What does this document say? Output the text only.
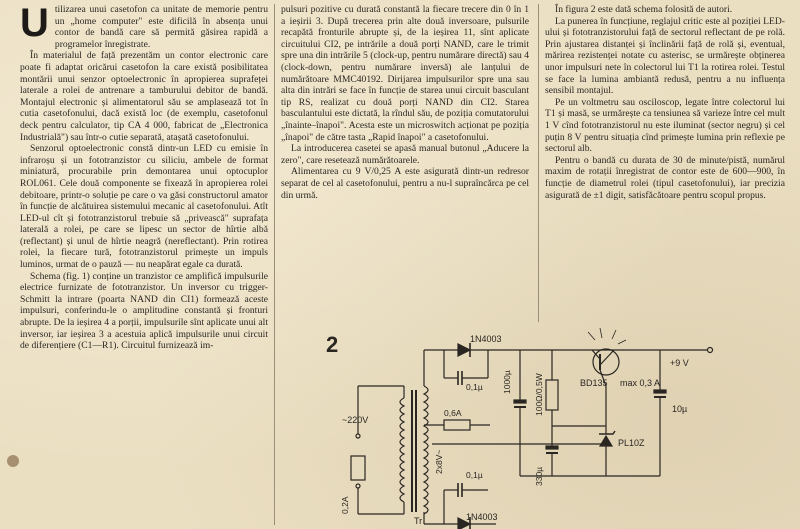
Utilizarea unui casetofon ca unitate de memorie pentru un „home computer" este dificilă în absența unui contor de bandă care să permită găsirea rapidă a programelor înregistrate.

În materialul de față prezentăm un contor electronic care poate fi adaptat oricărui casetofon la care există posibilitatea montării unui senzor optoelectronic în apropierea suprafeței laterale a rolei de antrenare a tamburului debitor de bandă. Montajul electronic și alimentatorul său se amplasează tot în cutia casetofonului, dacă există loc (de exemplu, casetofonul deck pentru calculator, tip CA 4 000, fabricat de „Electronica Industrială") sau într-o cutie separată, atașată casetofonului.

Senzorul optoelectronic constă dintr-un LED cu emisie în infraroșu și un fototranzistor cu siliciu, ambele de format miniatură, procurabile prin demontarea unui optocuplor ROL061. Cele două componente se fixează în apropierea rolei debitoare, printr-o soluție pe care o va găsi constructorul amator în funcție de alcătuirea sistemului mecanic al casetofonului. Atît LED-ul cît și fototranzistorul trebuie să „privească" suprafața laterală a rolei, pe care se lipesc un sector de hîrtie albă (reflectant) și unul de hîrtie neagră (nereflectant). Prin rotirea rolei, la fiecare tură, fototranzistorul primește un impuls luminos, urmat de o pauză — nu neapărat egale ca durată.

Schema (fig. 1) conține un tranzistor ce amplifică impulsurile electrice furnizate de fototranzistor. Un inversor cu trigger-Schmitt la intrare (poarta NAND din CI1) formează aceste impulsuri, conferindu-le o amplitudine constantă și fronturi abrupte. De la ieșirea 4 a porții, impulsurile sînt aplicate unui alt inversor, iar ieșirea 3 a acestuia aplică impulsurile unui circuit de diferențiere (C1—R1). Circuitul furnizează im-

pulsuri pozitive cu durată constantă la fiecare trecere din 0 în 1 a ieșirii 3. După trecerea prin alte două inversoare, pulsurile recapătă fronturile abrupte și, de la ieșirea 11, sînt aplicate circuitului CI2, pe intrările a două porți NAND, care le trimit spre una din intrările 5 (clock-up, pentru numărare directă) sau 4 (clock-down, pentru numărare inversă) ale lanțului de numărătoare MMC40192. Dirijarea impulsurilor spre una sau alta din intrări se face în funcție de starea unui circuit basculant tip RS, realizat cu două porți NAND din CI2. Starea basculantului este dictată, la rîndul său, de poziția comutatorului „înainte–înapoi". Acesta este un microswitch acționat pe poziția „înapoi" de către tasta „Rapid înapoi" a casetofonului.

La introducerea casetei se apasă manual butonul „Aducere la zero", care resetează numărătoarele.

Alimentarea cu 9 V/0,25 A este asigurată dintr-un redresor separat de cel al casetofonului, pentru a nu-l supraîncărca pe cel din urmă.

În figura 2 este dată schema folosită de autori.

La punerea în funcțiune, reglajul critic este al poziției LED-ului și fototranzistorului față de sectorul reflectant de pe rolă. Prin ajustarea distanței și înclinării față de rolă și, eventual, mărirea rezistenței notate cu asterisc, se urmărește obținerea unor impulsuri nete în colectorul lui T1 la rotirea rolei. Testul se face la lumina ambiantă redusă, pentru a nu influența sensibil montajul.

Pe un voltmetru sau osciloscop, legate între colectorul lui T1 și masă, se urmărește ca tensiunea să varieze între cel mult 1 V cînd fototranzistorul nu este iluminat (sector negru) și cel puțin 8 V pentru situația cînd primește lumina prin reflexie pe sectorul alb.

Pentru o bandă cu durata de 30 de minute/pistă, numărul maxim de rotații înregistrat de contor este de 600—900, în funcție de diametrul rolei (tipul casetofonului), iar precizia asigurată de ±1 digit, satisfăcătoare pentru scopul propus.

2
~220V
0,2A
Tr
2x8V~
1N4003
0,1µ
0,6A
1N4003
0,1µ
1000µ	100Ω/0,5W
330µ
PL10Z
BD135 max 0,3 A
10µ
+9 V
